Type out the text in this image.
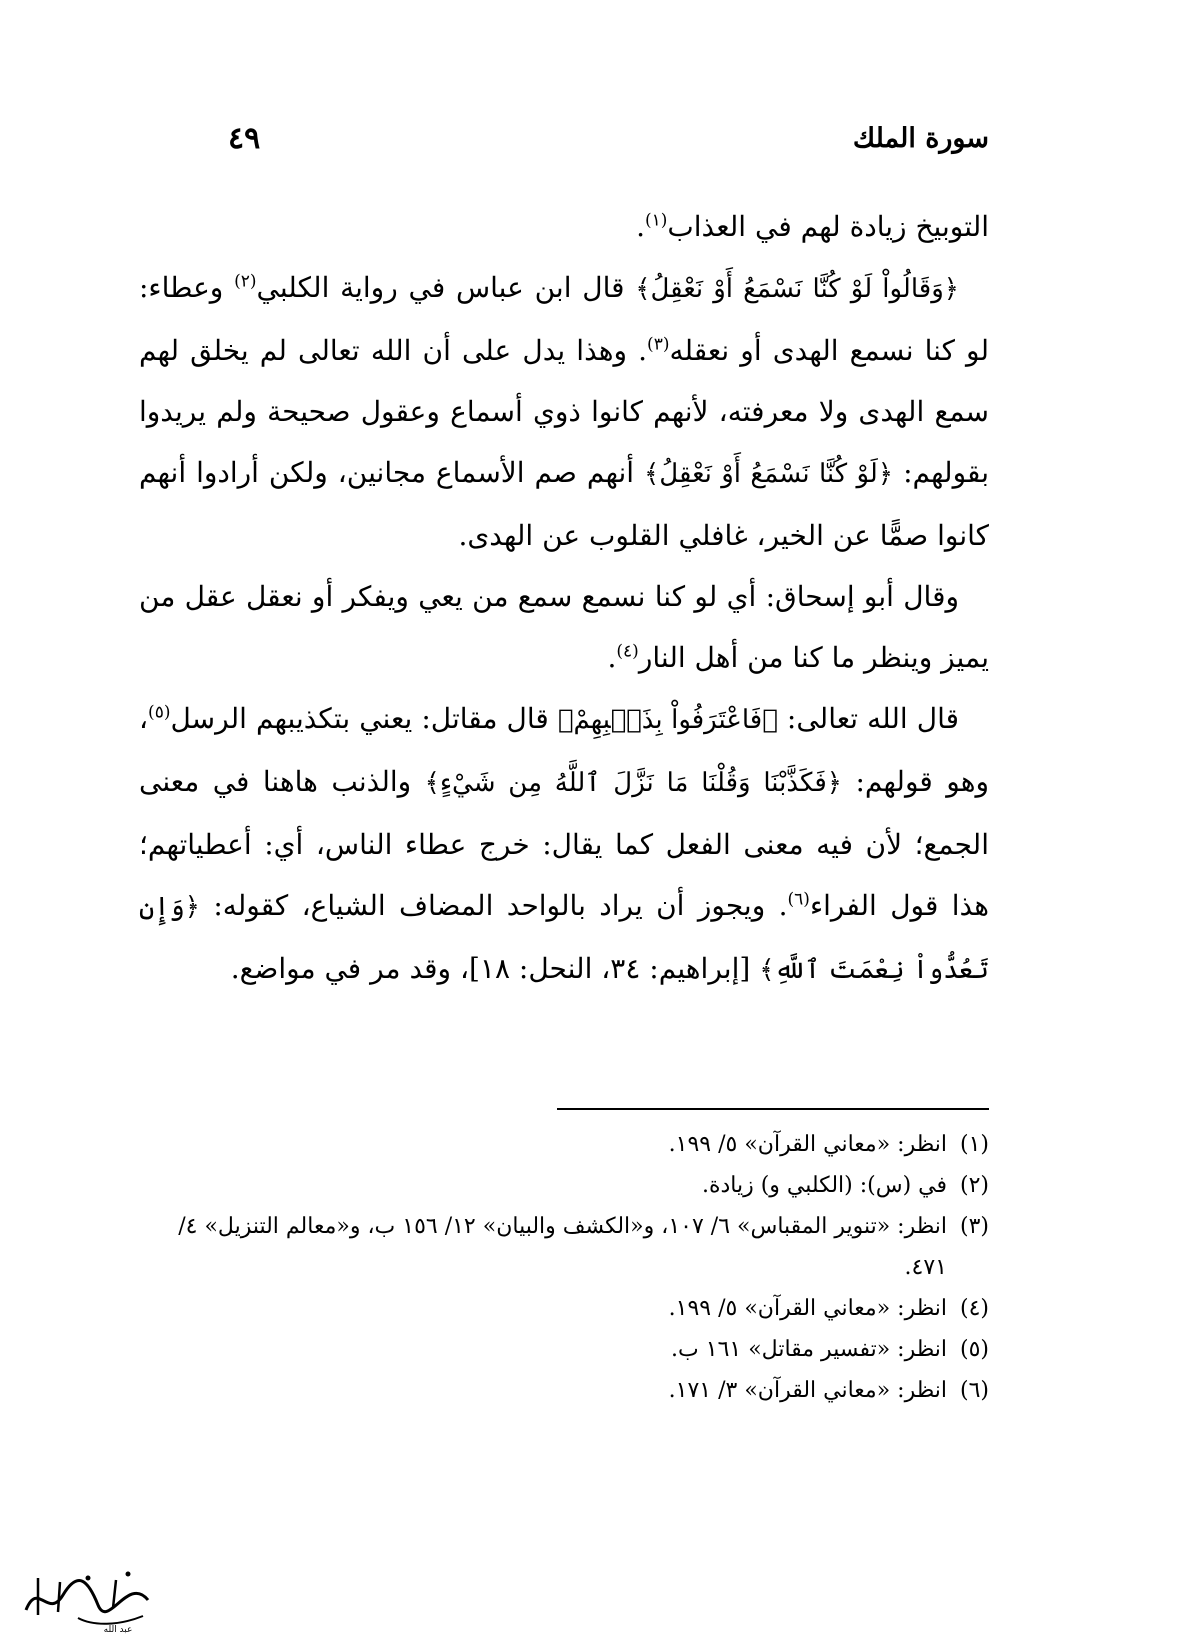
سورة الملك
٤٩

التوبيخ زيادة لهم في العذاب$^{(١)}$.

﴿وَقَالُواْ لَوْ كُنَّا نَسْمَعُ أَوْ نَعْقِلُ﴾ قال ابن عباس في رواية الكلبي$^{(٢)}$ وعطاء: لو كنا نسمع الهدى أو نعقله$^{(٣)}$. وهذا يدل على أن الله تعالى لم يخلق لهم سمع الهدى ولا معرفته، لأنهم كانوا ذوي أسماع وعقول صحيحة ولم يريدوا بقولهم: ﴿لَوْ كُنَّا نَسْمَعُ أَوْ نَعْقِلُ﴾ أنهم صم الأسماع مجانين، ولكن أرادوا أنهم كانوا صمًّا عن الخير، غافلي القلوب عن الهدى.

وقال أبو إسحاق: أي لو كنا نسمع سمع من يعي ويفكر أو نعقل عقل من يميز وينظر ما كنا من أهل النار$^{(٤)}$.

قال الله تعالى: ﴿فَاعْتَرَفُواْ بِذَنۢبِهِمْ﴾ قال مقاتل: يعني بتكذيبهم الرسل$^{(٥)}$، وهو قولهم: ﴿فَكَذَّبْنَا وَقُلْنَا مَا نَزَّلَ ٱللَّهُ مِن شَيْءٍ﴾ والذنب هاهنا في معنى الجمع؛ لأن فيه معنى الفعل كما يقال: خرج عطاء الناس، أي: أعطياتهم؛ هذا قول الفراء$^{(٦)}$. ويجوز أن يراد بالواحد المضاف الشياع، كقوله: ﴿وَإِن تَعُدُّواْ نِعْمَتَ ٱللَّهِ﴾ [إبراهيم: ٣٤، النحل: ١٨]، وقد مر في مواضع.

(١)
انظر: «معاني القرآن» ٥/ ١٩٩.
(٢)
في (س): (الكلبي و) زيادة.
(٣)
انظر: «تنوير المقباس» ٦/ ١٠٧، و«الكشف والبيان» ١٢/ ١٥٦ ب، و«معالم التنزيل» ٤/ ٤٧١.
(٤)
انظر: «معاني القرآن» ٥/ ١٩٩.
(٥)
انظر: «تفسير مقاتل» ١٦١ ب.
(٦)
انظر: «معاني القرآن» ٣/ ١٧١.
عبد الله
